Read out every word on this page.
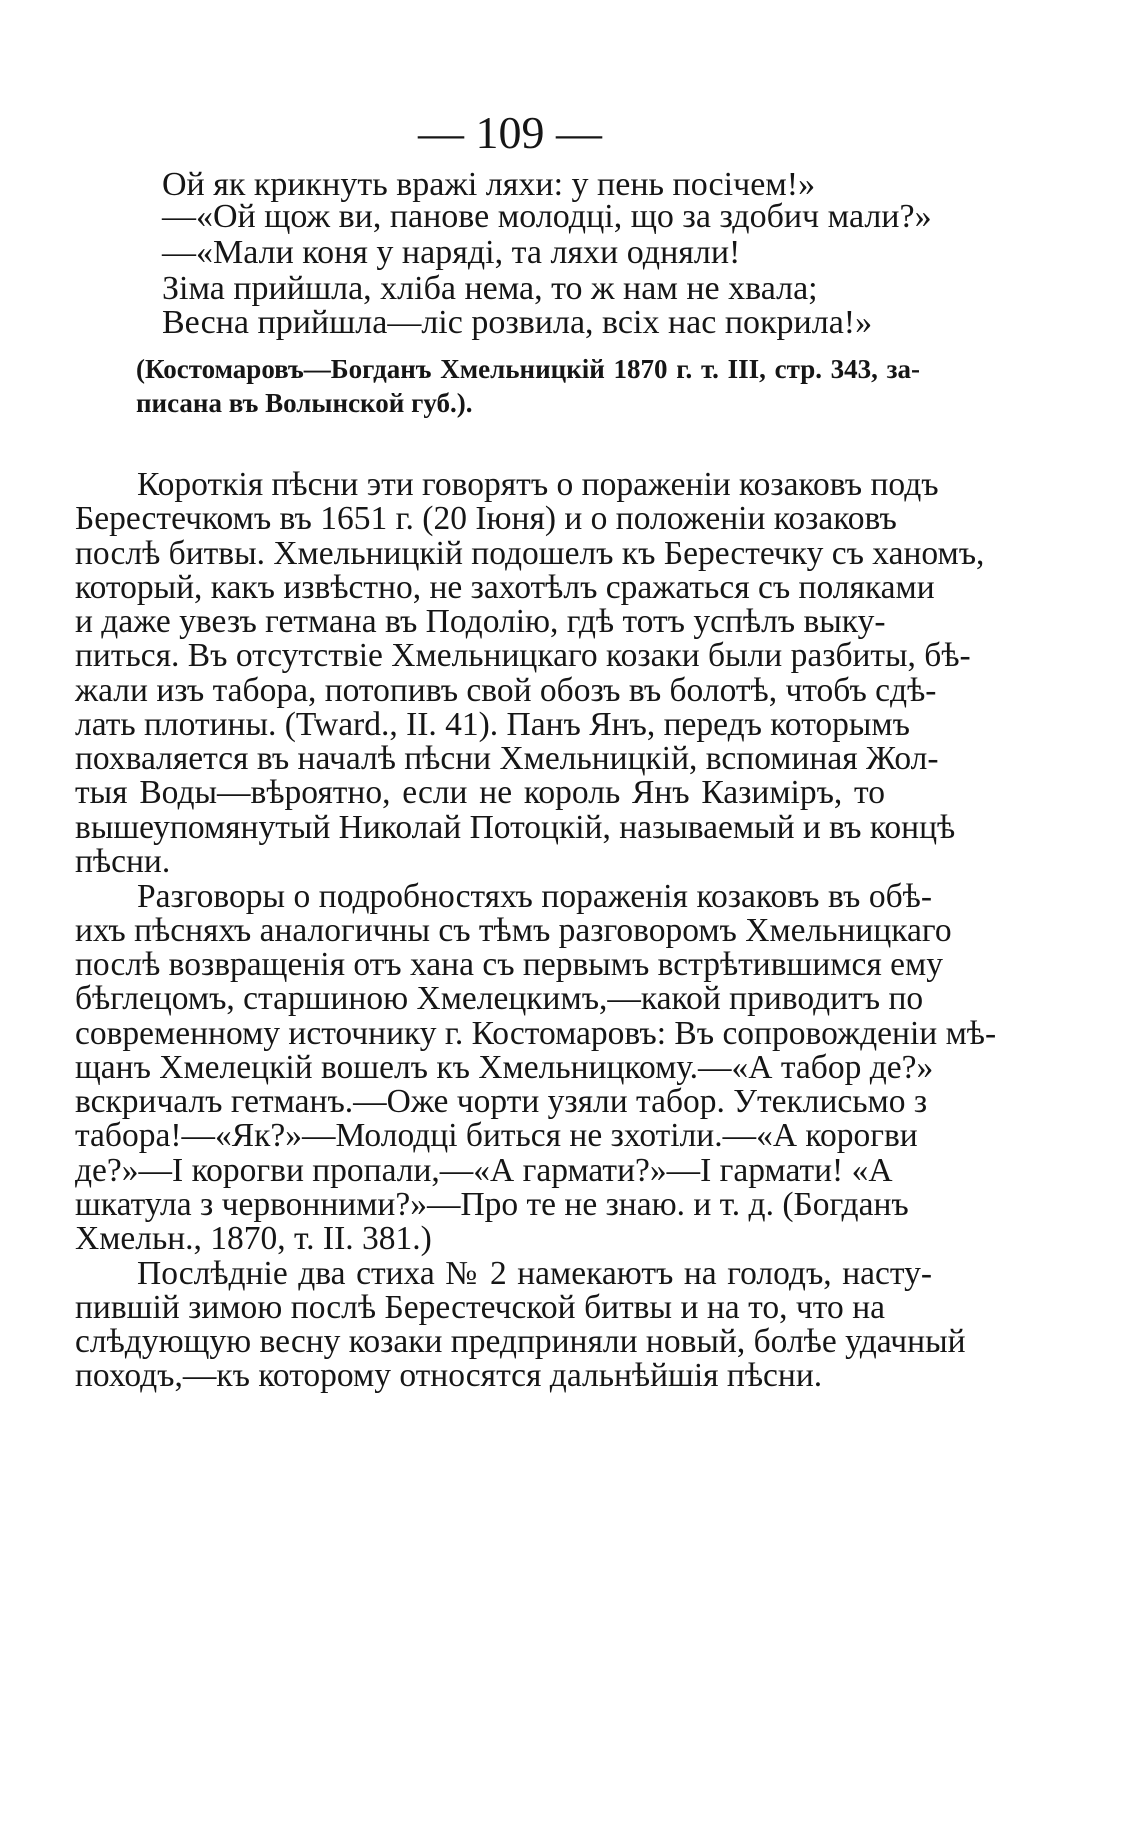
— 109 —
Ой як крикнуть вражі ляхи: у пень посічем!»
—«Ой щож ви, панове молодці, що за здобич мали?»
—«Мали коня у наряді, та ляхи одняли!
Зіма прийшла, хліба нема, то ж нам не хвала;
Весна прийшла—ліс розвила, всіх нас покрила!»
(Костомаровъ—Богданъ Хмельницкій 1870 г. т. III, стр. 343, за-
писана въ Волынской губ.).
Короткія пѣсни эти говорятъ о пораженіи козаковъ подъ
Берестечкомъ въ 1651 г. (20 Іюня) и о положеніи козаковъ
послѣ битвы. Хмельницкій подошелъ къ Берестечку съ ханомъ,
который, какъ извѣстно, не захотѣлъ сражаться съ поляками
и даже увезъ гетмана въ Подолію, гдѣ тотъ успѣлъ выку-
питься. Въ отсутствіе Хмельницкаго козаки были разбиты, бѣ-
жали изъ табора, потопивъ свой обозъ въ болотѣ, чтобъ сдѣ-
лать плотины. (Tward., II. 41). Панъ Янъ, передъ которымъ
похваляется въ началѣ пѣсни Хмельницкій, вспоминая Жол-
тыя Воды—вѣроятно, если не король Янъ Казиміръ, то
вышеупомянутый Николай Потоцкій, называемый и въ концѣ
пѣсни.
Разговоры о подробностяхъ пораженія козаковъ въ обѣ-
ихъ пѣсняхъ аналогичны съ тѣмъ разговоромъ Хмельницкаго
послѣ возвращенія отъ хана съ первымъ встрѣтившимся ему
бѣглецомъ, старшиною Хмелецкимъ,—какой приводитъ по
современному источнику г. Костомаровъ: Въ сопровожденіи мѣ-
щанъ Хмелецкій вошелъ къ Хмельницкому.—«А табор де?»
вскричалъ гетманъ.—Оже чорти узяли табор. Утеклисьмо з
табора!—«Як?»—Молодці биться не зхотіли.—«А корогви
де?»—І корогви пропали,—«А гармати?»—І гармати! «А
шкатула з червонними?»—Про те не знаю. и т. д. (Богданъ
Хмельн., 1870, т. II. 381.)
Послѣдніе два стиха № 2 намекаютъ на голодъ, насту-
пившій зимою послѣ Берестечской битвы и на то, что на
слѣдующую весну козаки предприняли новый, болѣе удачный
походъ,—къ которому относятся дальнѣйшія пѣсни.
